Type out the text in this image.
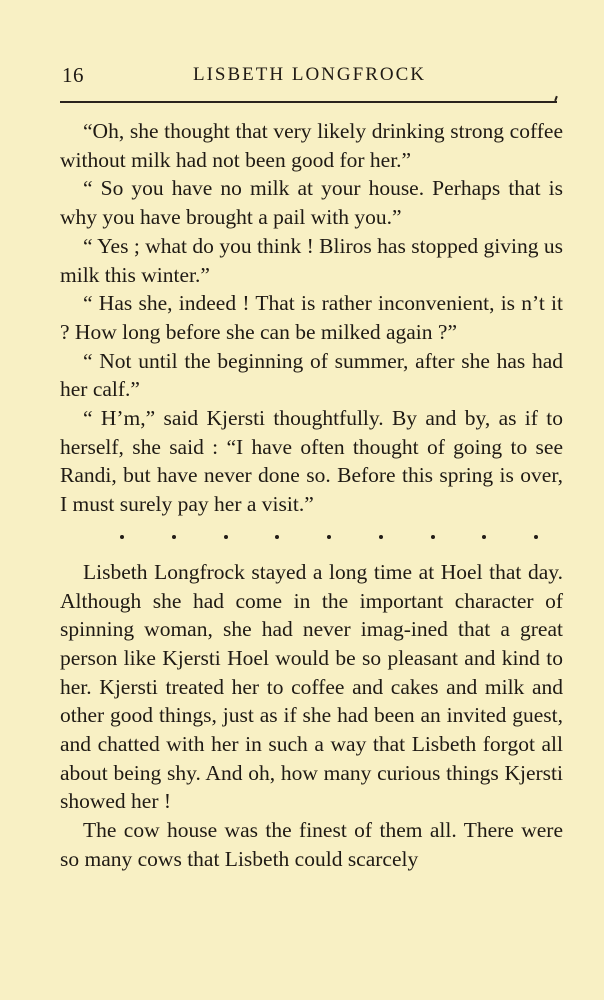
16	LISBETH LONGFROCK

“Oh, she thought that very likely drinking strong coffee without milk had not been good for her.”

“ So you have no milk at your house. Perhaps that is why you have brought a pail with you.”

“ Yes ; what do you think ! Bliros has stopped giving us milk this winter.”

“ Has she, indeed ! That is rather inconvenient, is n’t it ? How long before she can be milked again ?”

“ Not until the beginning of summer, after she has had her calf.”

“ H’m,” said Kjersti thoughtfully. By and by, as if to herself, she said : “I have often thought of going to see Randi, but have never done so. Before this spring is over, I must surely pay her a visit.”

Lisbeth Longfrock stayed a long time at Hoel that day. Although she had come in the important character of spinning woman, she had never imag-ined that a great person like Kjersti Hoel would be so pleasant and kind to her. Kjersti treated her to coffee and cakes and milk and other good things, just as if she had been an invited guest, and chatted with her in such a way that Lisbeth forgot all about being shy. And oh, how many curious things Kjersti showed her !

The cow house was the finest of them all. There were so many cows that Lisbeth could scarcely
